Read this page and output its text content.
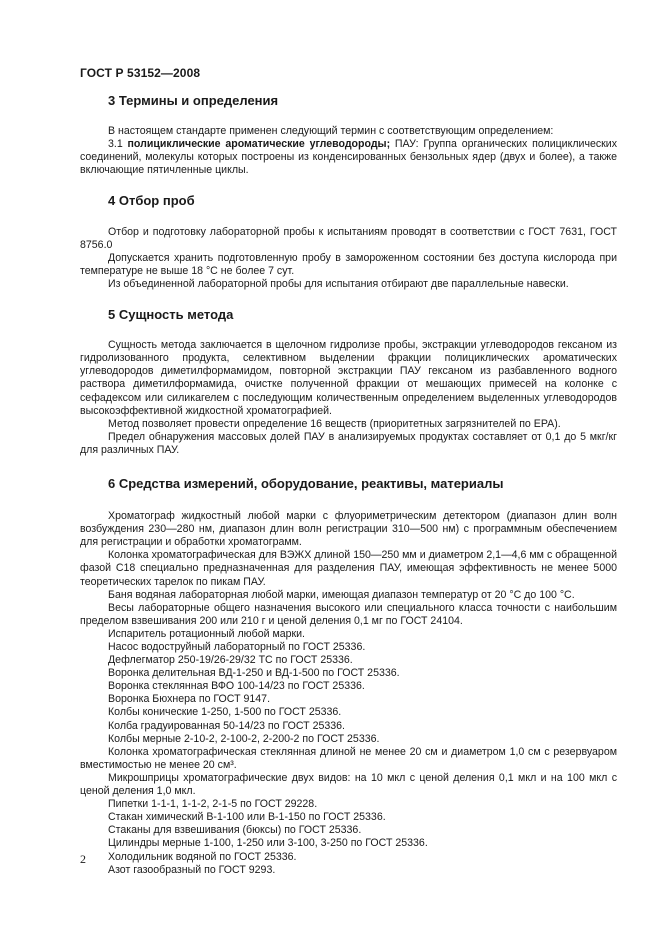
ГОСТ Р 53152—2008
3 Термины и определения

В настоящем стандарте применен следующий термин с соответствующим определением:

3.1 полициклические ароматические углеводороды; ПАУ: Группа органических полициклических соединений, молекулы которых построены из конденсированных бензольных ядер (двух и более), а также включающие пятичленные циклы.

4 Отбор проб

Отбор и подготовку лабораторной пробы к испытаниям проводят в соответствии с ГОСТ 7631, ГОСТ 8756.0

Допускается хранить подготовленную пробу в замороженном состоянии без доступа кислорода при температуре не выше 18 °С не более 7 сут.

Из объединенной лабораторной пробы для испытания отбирают две параллельные навески.

5 Сущность метода

Сущность метода заключается в щелочном гидролизе пробы, экстракции углеводородов гексаном из гидролизованного продукта, селективном выделении фракции полициклических ароматических углеводородов диметилформамидом, повторной экстракции ПАУ гексаном из разбавленного водного раствора диметилформамида, очистке полученной фракции от мешающих примесей на колонке с сефадексом или силикагелем с последующим количественным определением выделенных углеводородов высокоэффективной жидкостной хроматографией.

Метод позволяет провести определение 16 веществ (приоритетных загрязнителей по ЕРА).

Предел обнаружения массовых долей ПАУ в анализируемых продуктах составляет от 0,1 до 5 мкг/кг для различных ПАУ.

6 Средства измерений, оборудование, реактивы, материалы

Хроматограф жидкостный любой марки с флуориметрическим детектором (диапазон длин волн возбуждения 230—280 нм, диапазон длин волн регистрации 310—500 нм) с программным обеспечением для регистрации и обработки хроматограмм.

Колонка хроматографическая для ВЭЖХ длиной 150—250 мм и диаметром 2,1—4,6 мм с обращенной фазой С18 специально предназначенная для разделения ПАУ, имеющая эффективность не менее 5000 теоретических тарелок по пикам ПАУ.

Баня водяная лабораторная любой марки, имеющая диапазон температур от 20 °С до 100 °С.

Весы лабораторные общего назначения высокого или специального класса точности с наибольшим пределом взвешивания 200 или 210 г и ценой деления 0,1 мг по ГОСТ 24104.

Испаритель ротационный любой марки.

Насос водоструйный лабораторный по ГОСТ 25336.

Дефлегматор 250-19/26-29/32 ТС по ГОСТ 25336.

Воронка делительная ВД-1-250 и ВД-1-500 по ГОСТ 25336.

Воронка стеклянная ВФО 100-14/23 по ГОСТ 25336.

Воронка Бюхнера по ГОСТ 9147.

Колбы конические 1-250, 1-500 по ГОСТ 25336.

Колба градуированная 50-14/23 по ГОСТ 25336.

Колбы мерные 2-10-2, 2-100-2, 2-200-2 по ГОСТ 25336.

Колонка хроматографическая стеклянная длиной не менее 20 см и диаметром 1,0 см с резервуаром вместимостью не менее 20 см³.

Микрошприцы хроматографические двух видов: на 10 мкл с ценой деления 0,1 мкл и на 100 мкл с ценой деления 1,0 мкл.

Пипетки 1-1-1, 1-1-2, 2-1-5 по ГОСТ 29228.

Стакан химический В-1-100 или В-1-150 по ГОСТ 25336.

Стаканы для взвешивания (бюксы) по ГОСТ 25336.

Цилиндры мерные 1-100, 1-250 или 3-100, 3-250 по ГОСТ 25336.

Холодильник водяной по ГОСТ 25336.

Азот газообразный по ГОСТ 9293.

2
